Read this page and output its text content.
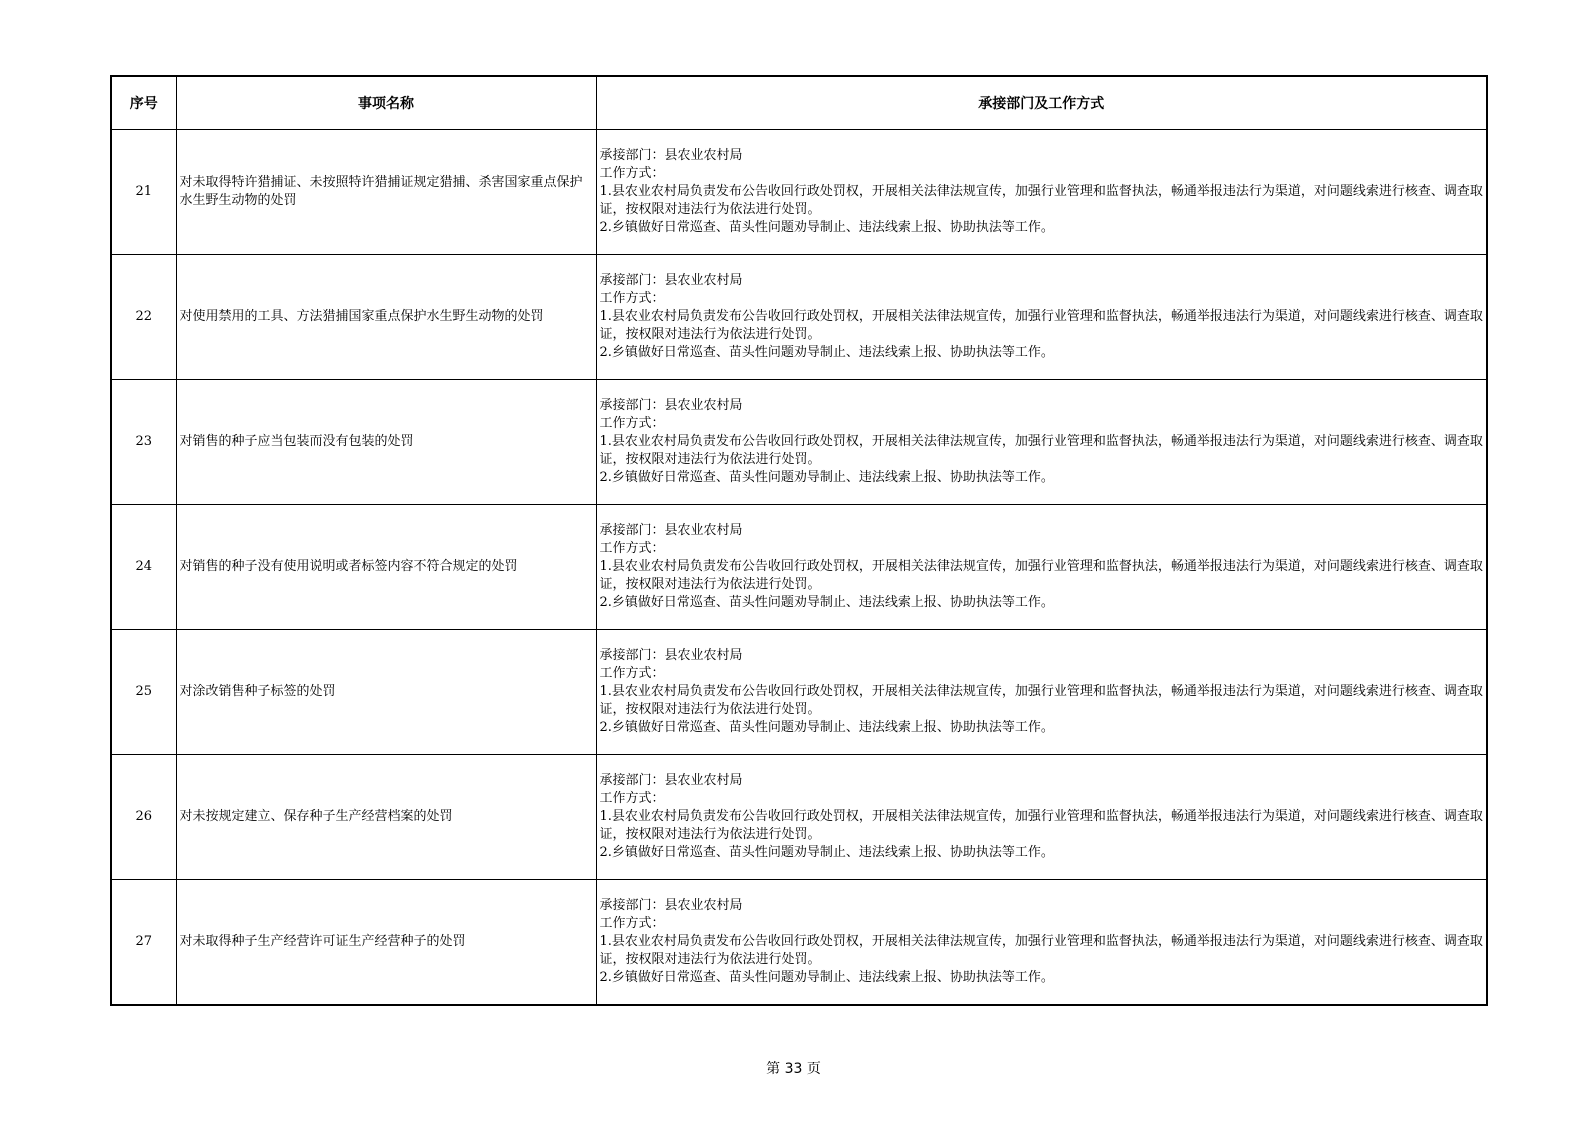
序号	事项名称	承接部门及工作方式
21	对未取得特许猎捕证、未按照特许猎捕证规定猎捕、杀害国家重点保护水生野生动物的处罚	承接部门：县农业农村局
工作方式：
1.县农业农村局负责发布公告收回行政处罚权，开展相关法律法规宣传，加强行业管理和监督执法，畅通举报违法行为渠道，对问题线索进行核查、调查取证，按权限对违法行为依法进行处罚。
2.乡镇做好日常巡查、苗头性问题劝导制止、违法线索上报、协助执法等工作。

22	对使用禁用的工具、方法猎捕国家重点保护水生野生动物的处罚	承接部门：县农业农村局
工作方式：
1.县农业农村局负责发布公告收回行政处罚权，开展相关法律法规宣传，加强行业管理和监督执法，畅通举报违法行为渠道，对问题线索进行核查、调查取证，按权限对违法行为依法进行处罚。
2.乡镇做好日常巡查、苗头性问题劝导制止、违法线索上报、协助执法等工作。

23	对销售的种子应当包装而没有包装的处罚	承接部门：县农业农村局
工作方式：
1.县农业农村局负责发布公告收回行政处罚权，开展相关法律法规宣传，加强行业管理和监督执法，畅通举报违法行为渠道，对问题线索进行核查、调查取证，按权限对违法行为依法进行处罚。
2.乡镇做好日常巡查、苗头性问题劝导制止、违法线索上报、协助执法等工作。

24	对销售的种子没有使用说明或者标签内容不符合规定的处罚	承接部门：县农业农村局
工作方式：
1.县农业农村局负责发布公告收回行政处罚权，开展相关法律法规宣传，加强行业管理和监督执法，畅通举报违法行为渠道，对问题线索进行核查、调查取证，按权限对违法行为依法进行处罚。
2.乡镇做好日常巡查、苗头性问题劝导制止、违法线索上报、协助执法等工作。

25	对涂改销售种子标签的处罚	承接部门：县农业农村局
工作方式：
1.县农业农村局负责发布公告收回行政处罚权，开展相关法律法规宣传，加强行业管理和监督执法，畅通举报违法行为渠道，对问题线索进行核查、调查取证，按权限对违法行为依法进行处罚。
2.乡镇做好日常巡查、苗头性问题劝导制止、违法线索上报、协助执法等工作。

26	对未按规定建立、保存种子生产经营档案的处罚	承接部门：县农业农村局
工作方式：
1.县农业农村局负责发布公告收回行政处罚权，开展相关法律法规宣传，加强行业管理和监督执法，畅通举报违法行为渠道，对问题线索进行核查、调查取证，按权限对违法行为依法进行处罚。
2.乡镇做好日常巡查、苗头性问题劝导制止、违法线索上报、协助执法等工作。

27	对未取得种子生产经营许可证生产经营种子的处罚	承接部门：县农业农村局
工作方式：
1.县农业农村局负责发布公告收回行政处罚权，开展相关法律法规宣传，加强行业管理和监督执法，畅通举报违法行为渠道，对问题线索进行核查、调查取证，按权限对违法行为依法进行处罚。
2.乡镇做好日常巡查、苗头性问题劝导制止、违法线索上报、协助执法等工作。
第 33 页
